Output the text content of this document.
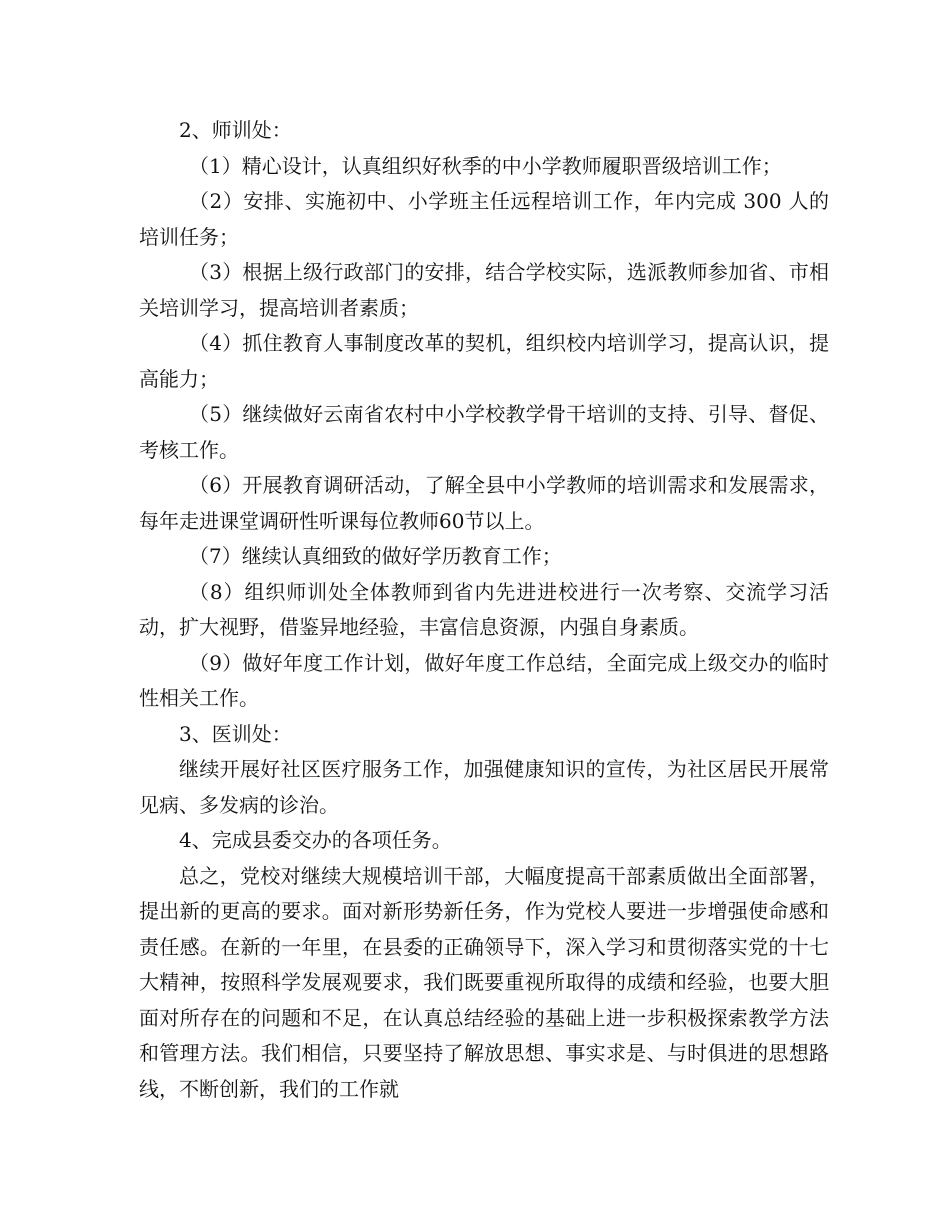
2、师训处：

（1）精心设计，认真组织好秋季的中小学教师履职晋级培训工作；

（2）安排、实施初中、小学班主任远程培训工作，年内完成 300 人的培训任务；

（3）根据上级行政部门的安排，结合学校实际，选派教师参加省、市相关培训学习，提高培训者素质；

（4）抓住教育人事制度改革的契机，组织校内培训学习，提高认识，提高能力；

（5）继续做好云南省农村中小学校教学骨干培训的支持、引导、督促、考核工作。

（6）开展教育调研活动，了解全县中小学教师的培训需求和发展需求，每年走进课堂调研性听课每位教师60节以上。

（7）继续认真细致的做好学历教育工作；

（8）组织师训处全体教师到省内先进进校进行一次考察、交流学习活动，扩大视野，借鉴异地经验，丰富信息资源，内强自身素质。

（9）做好年度工作计划，做好年度工作总结，全面完成上级交办的临时性相关工作。

3、医训处：

继续开展好社区医疗服务工作，加强健康知识的宣传，为社区居民开展常见病、多发病的诊治。

4、完成县委交办的各项任务。

总之，党校对继续大规模培训干部，大幅度提高干部素质做出全面部署，提出新的更高的要求。面对新形势新任务，作为党校人要进一步增强使命感和责任感。在新的一年里，在县委的正确领导下，深入学习和贯彻落实党的十七大精神，按照科学发展观要求，我们既要重视所取得的成绩和经验，也要大胆面对所存在的问题和不足，在认真总结经验的基础上进一步积极探索教学方法和管理方法。我们相信，只要坚持了解放思想、事实求是、与时俱进的思想路线，不断创新，我们的工作就
